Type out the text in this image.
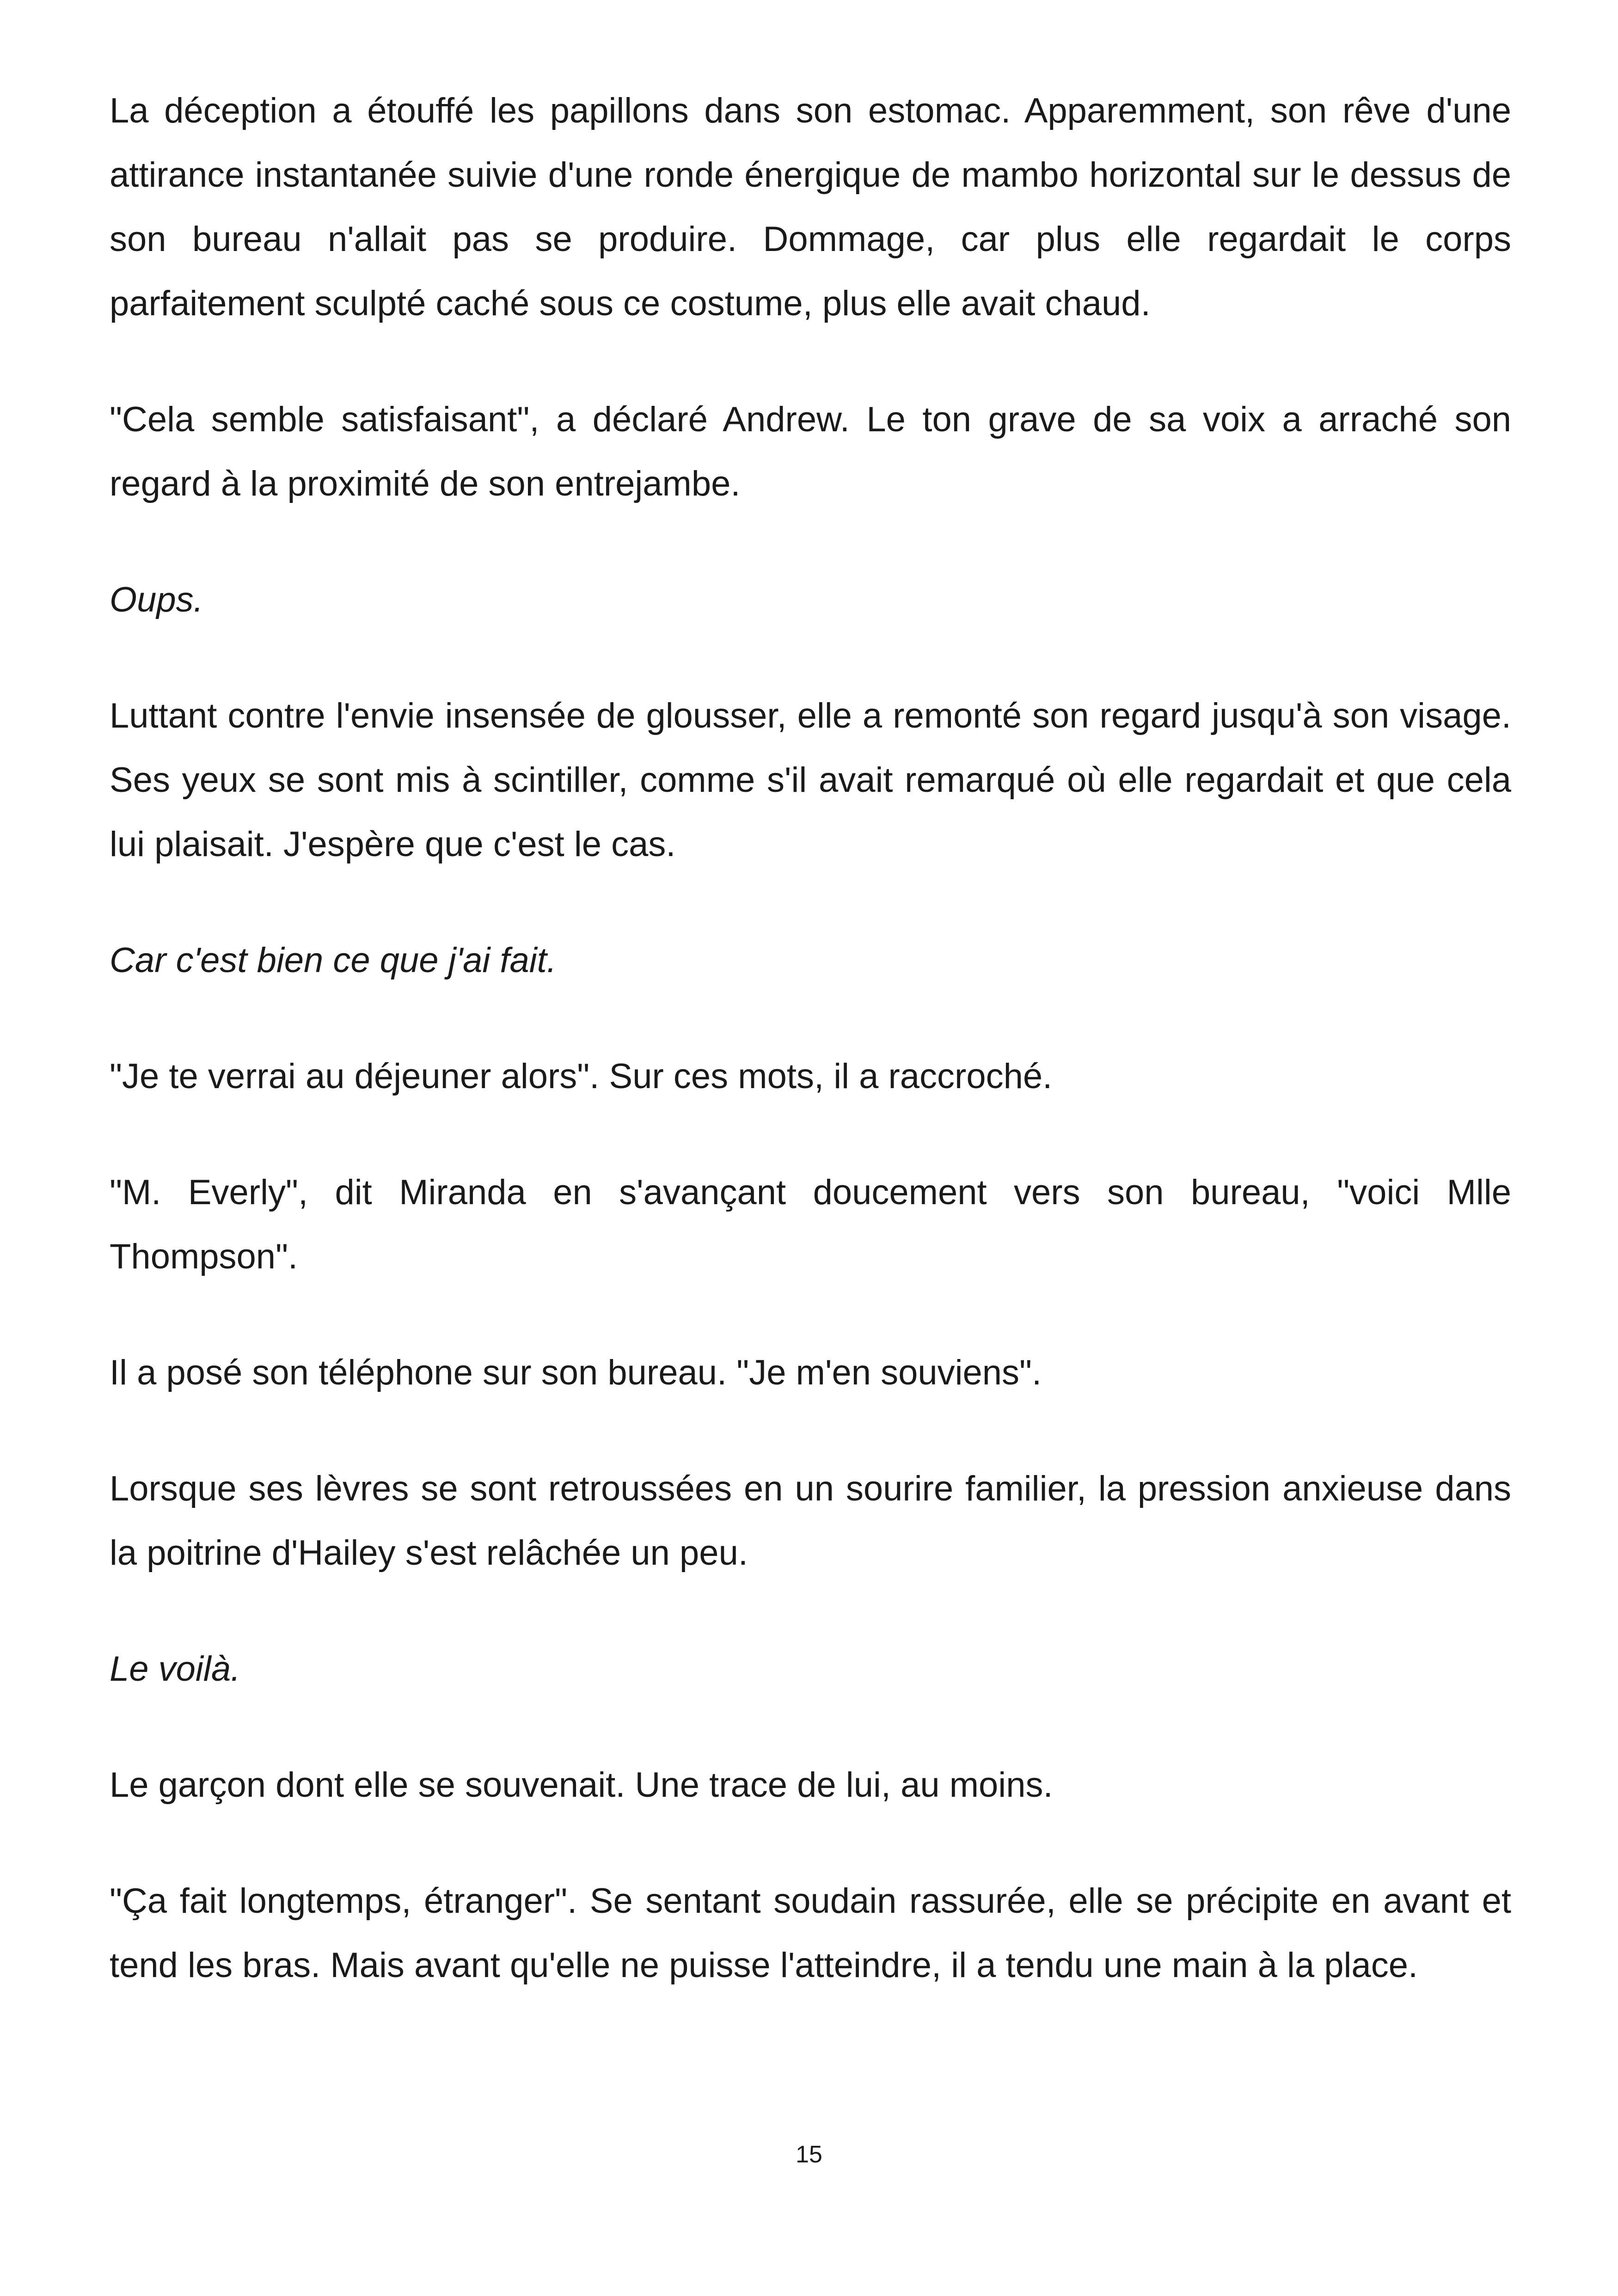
La déception a étouffé les papillons dans son estomac. Apparemment, son rêve d'une attirance instantanée suivie d'une ronde énergique de mambo horizontal sur le dessus de son bureau n'allait pas se produire. Dommage, car plus elle regardait le corps parfaitement sculpté caché sous ce costume, plus elle avait chaud.

"Cela semble satisfaisant", a déclaré Andrew. Le ton grave de sa voix a arraché son regard à la proximité de son entrejambe.

Oups.

Luttant contre l'envie insensée de glousser, elle a remonté son regard jusqu'à son visage. Ses yeux se sont mis à scintiller, comme s'il avait remarqué où elle regardait et que cela lui plaisait. J'espère que c'est le cas.

Car c'est bien ce que j'ai fait.

"Je te verrai au déjeuner alors". Sur ces mots, il a raccroché.

"M. Everly", dit Miranda en s'avançant doucement vers son bureau, "voici Mlle Thompson".

Il a posé son téléphone sur son bureau. "Je m'en souviens".

Lorsque ses lèvres se sont retroussées en un sourire familier, la pression anxieuse dans la poitrine d'Hailey s'est relâchée un peu.

Le voilà.

Le garçon dont elle se souvenait. Une trace de lui, au moins.

"Ça fait longtemps, étranger". Se sentant soudain rassurée, elle se précipite en avant et tend les bras. Mais avant qu'elle ne puisse l'atteindre, il a tendu une main à la place.

15
